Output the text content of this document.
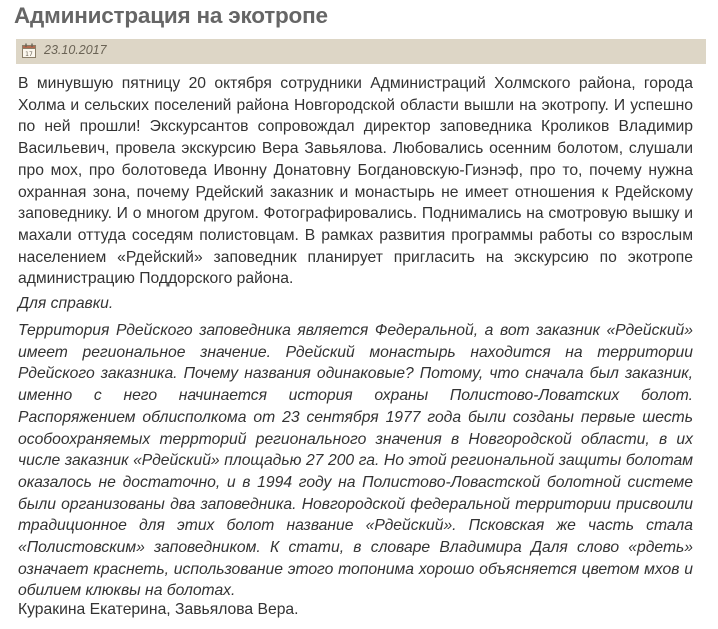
Администрация на экотропе
17 23.10.2017
В минувшую пятницу 20 октября сотрудники Администраций Холмского района, города Холма и сельских поселений района Новгородской области вышли на экотропу. И успешно по ней прошли! Экскурсантов сопровождал директор заповедника Кроликов Владимир Васильевич, провела экскурсию Вера Завьялова. Любовались осенним болотом, слушали про мох, про болотоведа Ивонну Донатовну Богдановскую-Гиэнэф, про то, почему нужна охранная зона, почему Рдейский заказник и монастырь не имеет отношения к Рдейскому заповеднику. И о многом другом. Фотографировались. Поднимались на смотровую вышку и махали оттуда соседям полистовцам. В рамках развития программы работы со взрослым населением «Рдейский» заповедник планирует пригласить на экскурсию по экотропе администрацию Поддорского района.
Для справки.
Территория Рдейского заповедника является Федеральной, а вот заказник «Рдейский» имеет региональное значение. Рдейский монастырь находится на территории Рдейского заказника. Почему названия одинаковые? Потому, что сначала был заказник, именно с него начинается история охраны Полистово-Ловатских болот. Распоряжением облисполкома от 23 сентября 1977 года были созданы первые шесть особоохраняемых террторий регионального значения в Новгородской области, в их числе заказник «Рдейский» площадью 27 200 га. Но этой региональной защиты болотам оказалось не достаточно, и в 1994 году на Полистово-Ловастской болотной системе были организованы два заповедника. Новгородской федеральной территории присвоили традиционное для этих болот название «Рдейский». Псковская же часть стала «Полистовским» заповедником. К стати, в словаре Владимира Даля слово «рдеть» означает краснеть, использование этого топонима хорошо объясняется цветом мхов и обилием клюквы на болотах.
Куракина Екатерина, Завьялова Вера.
